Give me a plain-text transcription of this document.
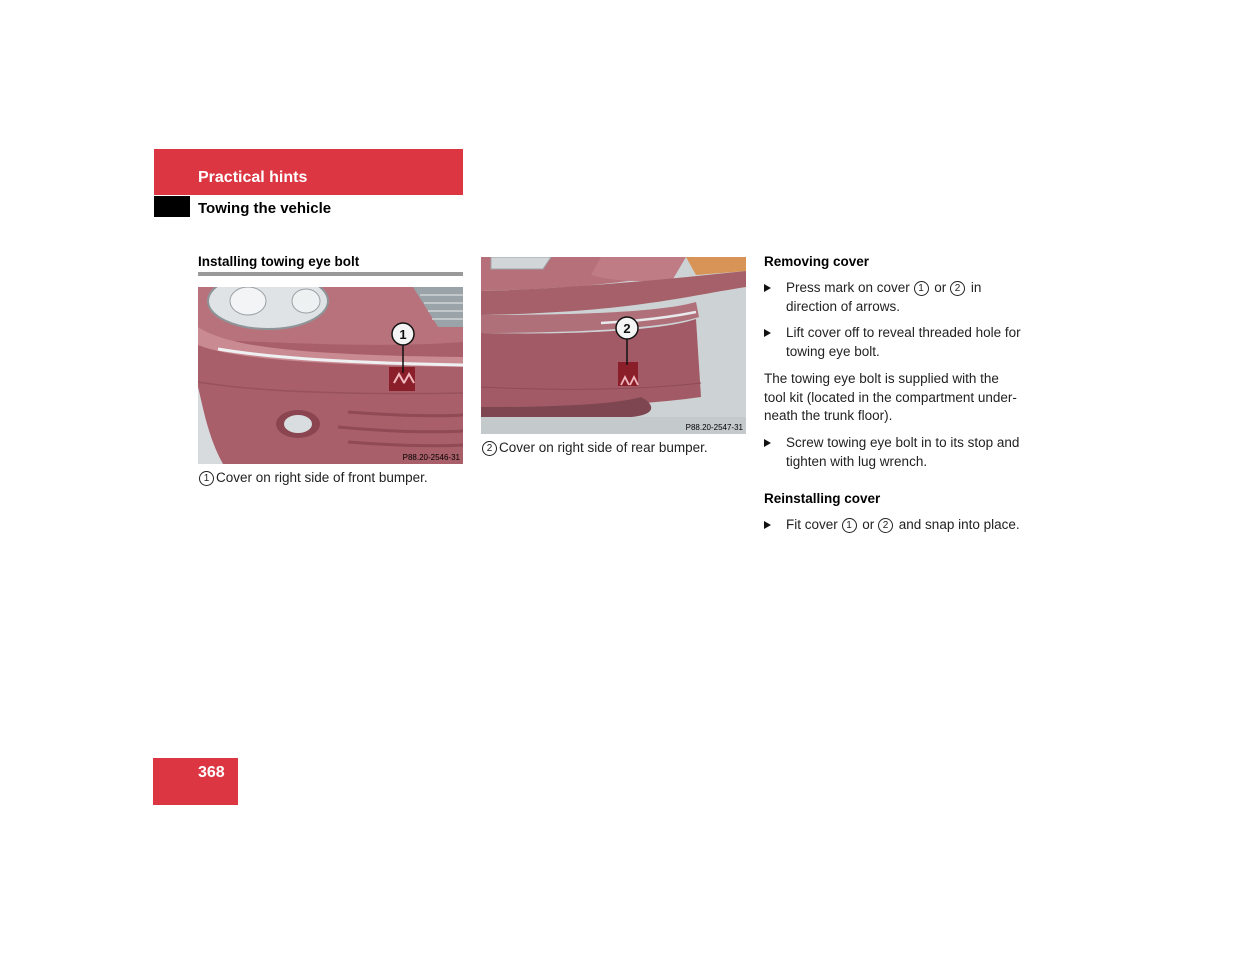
Practical hints
Towing the vehicle
Installing towing eye bolt
1
P88.20-2546-31
1 Cover on right side of front bumper.
2
P88.20-2547-31
2 Cover on right side of rear bumper.
Removing cover
Press mark on cover 1 or 2 in
direction of arrows.
Lift cover off to reveal threaded hole for
towing eye bolt.
The towing eye bolt is supplied with the
tool kit (located in the compartment under-
neath the trunk floor).
Screw towing eye bolt in to its stop and
tighten with lug wrench.
Reinstalling cover
Fit cover 1 or 2 and snap into place.
368
